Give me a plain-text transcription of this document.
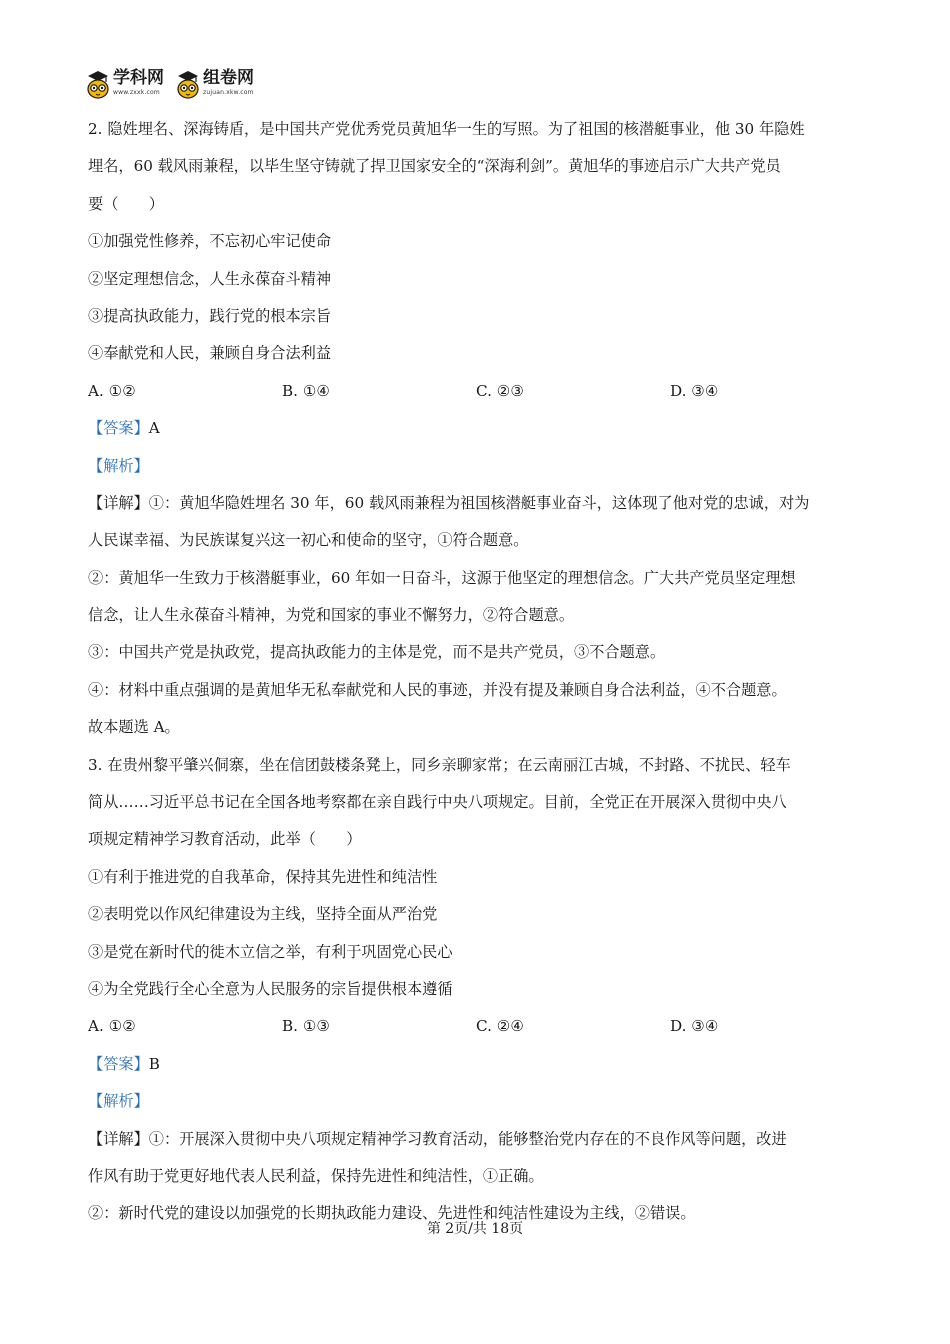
学科网
www.zxxk.com
组卷网
zujuan.xkw.com
2. 隐姓埋名、深海铸盾，是中国共产党优秀党员黄旭华一生的写照。为了祖国的核潜艇事业，他 30 年隐姓
埋名，60 载风雨兼程，以毕生坚守铸就了捍卫国家安全的“深海利剑”。黄旭华的事迹启示广大共产党员
要（　　）
①加强党性修养，不忘初心牢记使命
②坚定理想信念，人生永葆奋斗精神
③提高执政能力，践行党的根本宗旨
④奉献党和人民，兼顾自身合法利益
A. ①②	B. ①④	C. ②③	D. ③④
【答案】A
【解析】
【详解】①：黄旭华隐姓埋名 30 年，60 载风雨兼程为祖国核潜艇事业奋斗，这体现了他对党的忠诚，对为
人民谋幸福、为民族谋复兴这一初心和使命的坚守，①符合题意。
②：黄旭华一生致力于核潜艇事业，60 年如一日奋斗，这源于他坚定的理想信念。广大共产党员坚定理想
信念，让人生永葆奋斗精神，为党和国家的事业不懈努力，②符合题意。
③：中国共产党是执政党，提高执政能力的主体是党，而不是共产党员，③不合题意。
④：材料中重点强调的是黄旭华无私奉献党和人民的事迹，并没有提及兼顾自身合法利益，④不合题意。
故本题选 A。
3. 在贵州黎平肇兴侗寨，坐在信团鼓楼条凳上，同乡亲聊家常；在云南丽江古城，不封路、不扰民、轻车
简从……习近平总书记在全国各地考察都在亲自践行中央八项规定。目前，全党正在开展深入贯彻中央八
项规定精神学习教育活动，此举（　　）
①有利于推进党的自我革命，保持其先进性和纯洁性
②表明党以作风纪律建设为主线，坚持全面从严治党
③是党在新时代的徙木立信之举，有利于巩固党心民心
④为全党践行全心全意为人民服务的宗旨提供根本遵循
A. ①②	B. ①③	C. ②④	D. ③④
【答案】B
【解析】
【详解】①：开展深入贯彻中央八项规定精神学习教育活动，能够整治党内存在的不良作风等问题，改进
作风有助于党更好地代表人民利益，保持先进性和纯洁性，①正确。
②：新时代党的建设以加强党的长期执政能力建设、先进性和纯洁性建设为主线，②错误。
第 2页/共 18页
